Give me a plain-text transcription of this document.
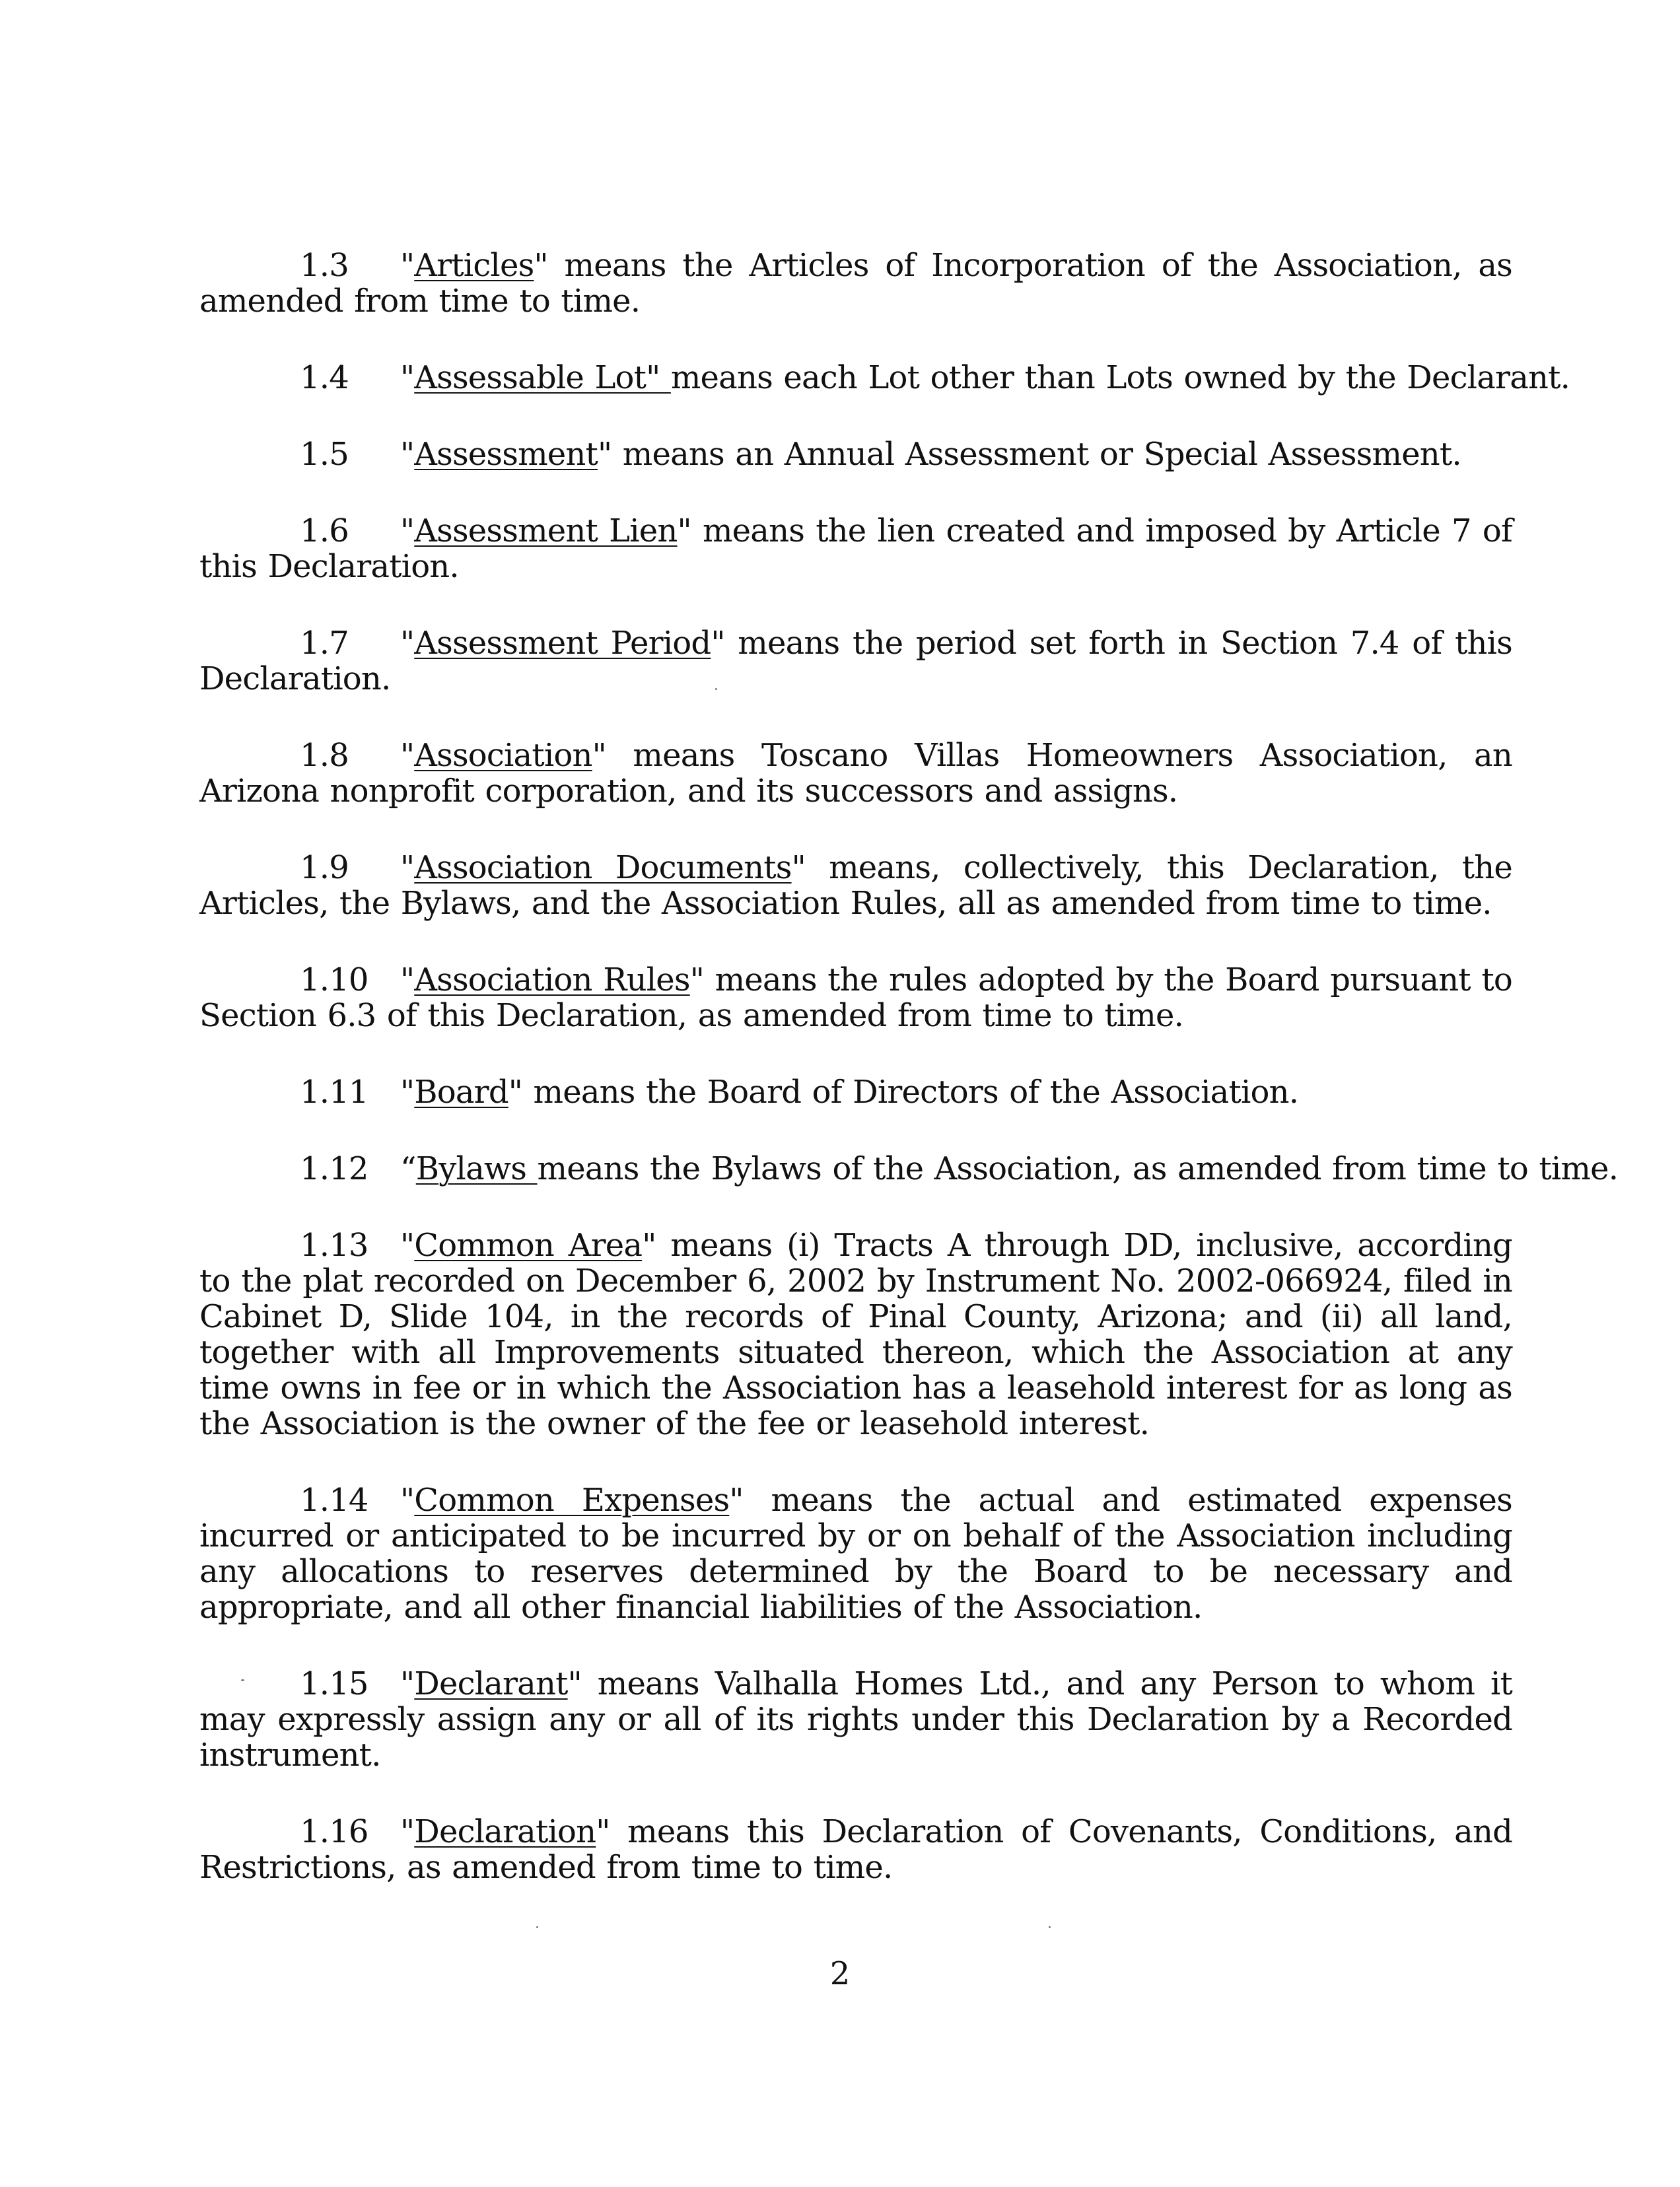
1.3 "Articles" means the Articles of Incorporation of the Association, as amended from time to time.

1.4 "Assessable Lot" means each Lot other than Lots owned by the Declarant.

1.5 "Assessment" means an Annual Assessment or Special Assessment.

1.6 "Assessment Lien" means the lien created and imposed by Article 7 of this Declaration.

1.7 "Assessment Period" means the period set forth in Section 7.4 of this Declaration.

1.8 "Association" means Toscano Villas Homeowners Association, an Arizona nonprofit corporation, and its successors and assigns.

1.9 "Association Documents" means, collectively, this Declaration, the Articles, the Bylaws, and the Association Rules, all as amended from time to time.

1.10 "Association Rules" means the rules adopted by the Board pursuant to Section 6.3 of this Declaration, as amended from time to time.

1.11 "Board" means the Board of Directors of the Association.

1.12 “Bylaws means the Bylaws of the Association, as amended from time to time.

1.13 "Common Area" means (i) Tracts A through DD, inclusive, according to the plat recorded on December 6, 2002 by Instrument No. 2002-066924, filed in Cabinet D, Slide 104, in the records of Pinal County, Arizona; and (ii) all land, together with all Improvements situated thereon, which the Association at any time owns in fee or in which the Association has a leasehold interest for as long as the Association is the owner of the fee or leasehold interest.

1.14 "Common Expenses" means the actual and estimated expenses incurred or anticipated to be incurred by or on behalf of the Association including any allocations to reserves determined by the Board to be necessary and appropriate, and all other financial liabilities of the Association.

1.15 "Declarant" means Valhalla Homes Ltd., and any Person to whom it may expressly assign any or all of its rights under this Declaration by a Recorded instrument.

1.16 "Declaration" means this Declaration of Covenants, Conditions, and Restrictions, as amended from time to time.

2
